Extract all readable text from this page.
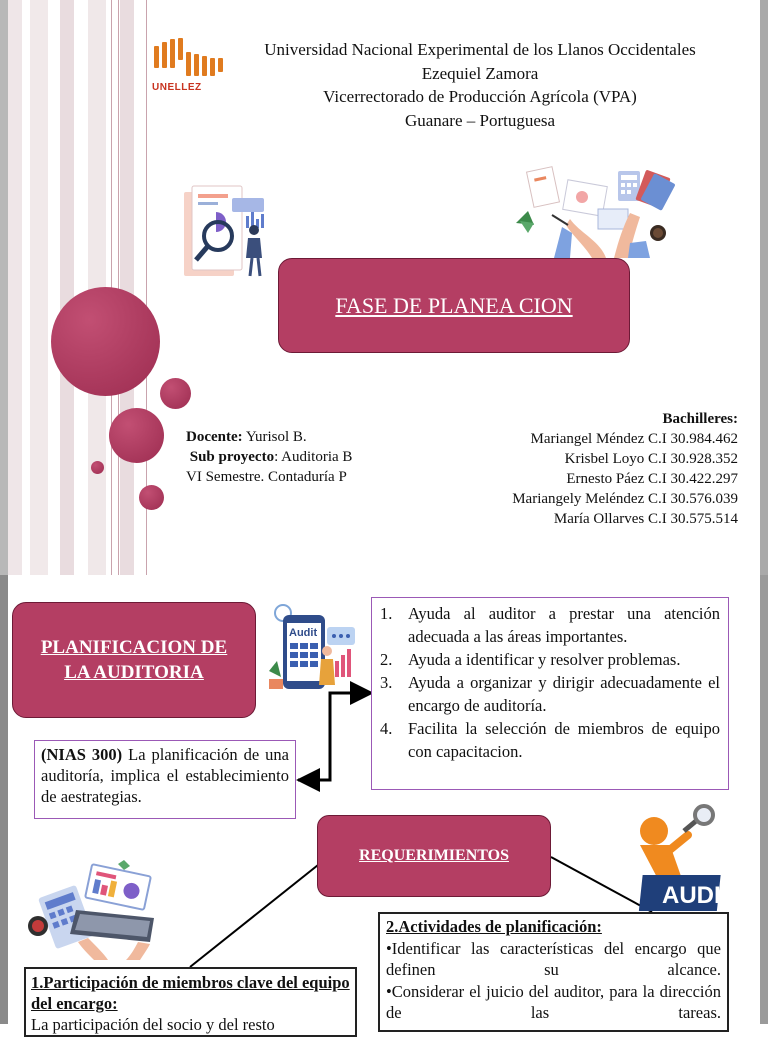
UNELLEZ
Universidad Nacional Experimental de los Llanos Occidentales
Ezequiel Zamora
Vicerrectorado de Producción Agrícola (VPA)
Guanare – Portuguesa
FASE DE PLANEA CION
Docente: Yurisol B.
Sub proyecto: Auditoria B
VI Semestre. Contaduría P
Bachilleres:
Mariangel Méndez C.I 30.984.462
Krisbel Loyo C.I 30.928.352
Ernesto Páez C.I 30.422.297
Mariangely Meléndez C.I 30.576.039
María Ollarves C.I 30.575.514
PLANIFICACION DE
LA AUDITORIA
Audit
1. Ayuda al auditor a prestar una atención adecuada a las áreas importantes.
2. Ayuda a identificar y resolver problemas.
3. Ayuda a organizar y dirigir adecuadamente el encargo de auditoría.
4. Facilita la selección de miembros de equipo con capacitacion.
(NIAS 300) La planificación de una auditoría, implica el establecimiento de aestrategias.
REQUERIMIENTOS
AUDIT
2.Actividades de planificación:
•Identificar las características del encargo que definen su alcance.
•Considerar el juicio del auditor, para la dirección de las tareas.
1.Participación de miembros clave del equipo del encargo:
La participación del socio y del resto
